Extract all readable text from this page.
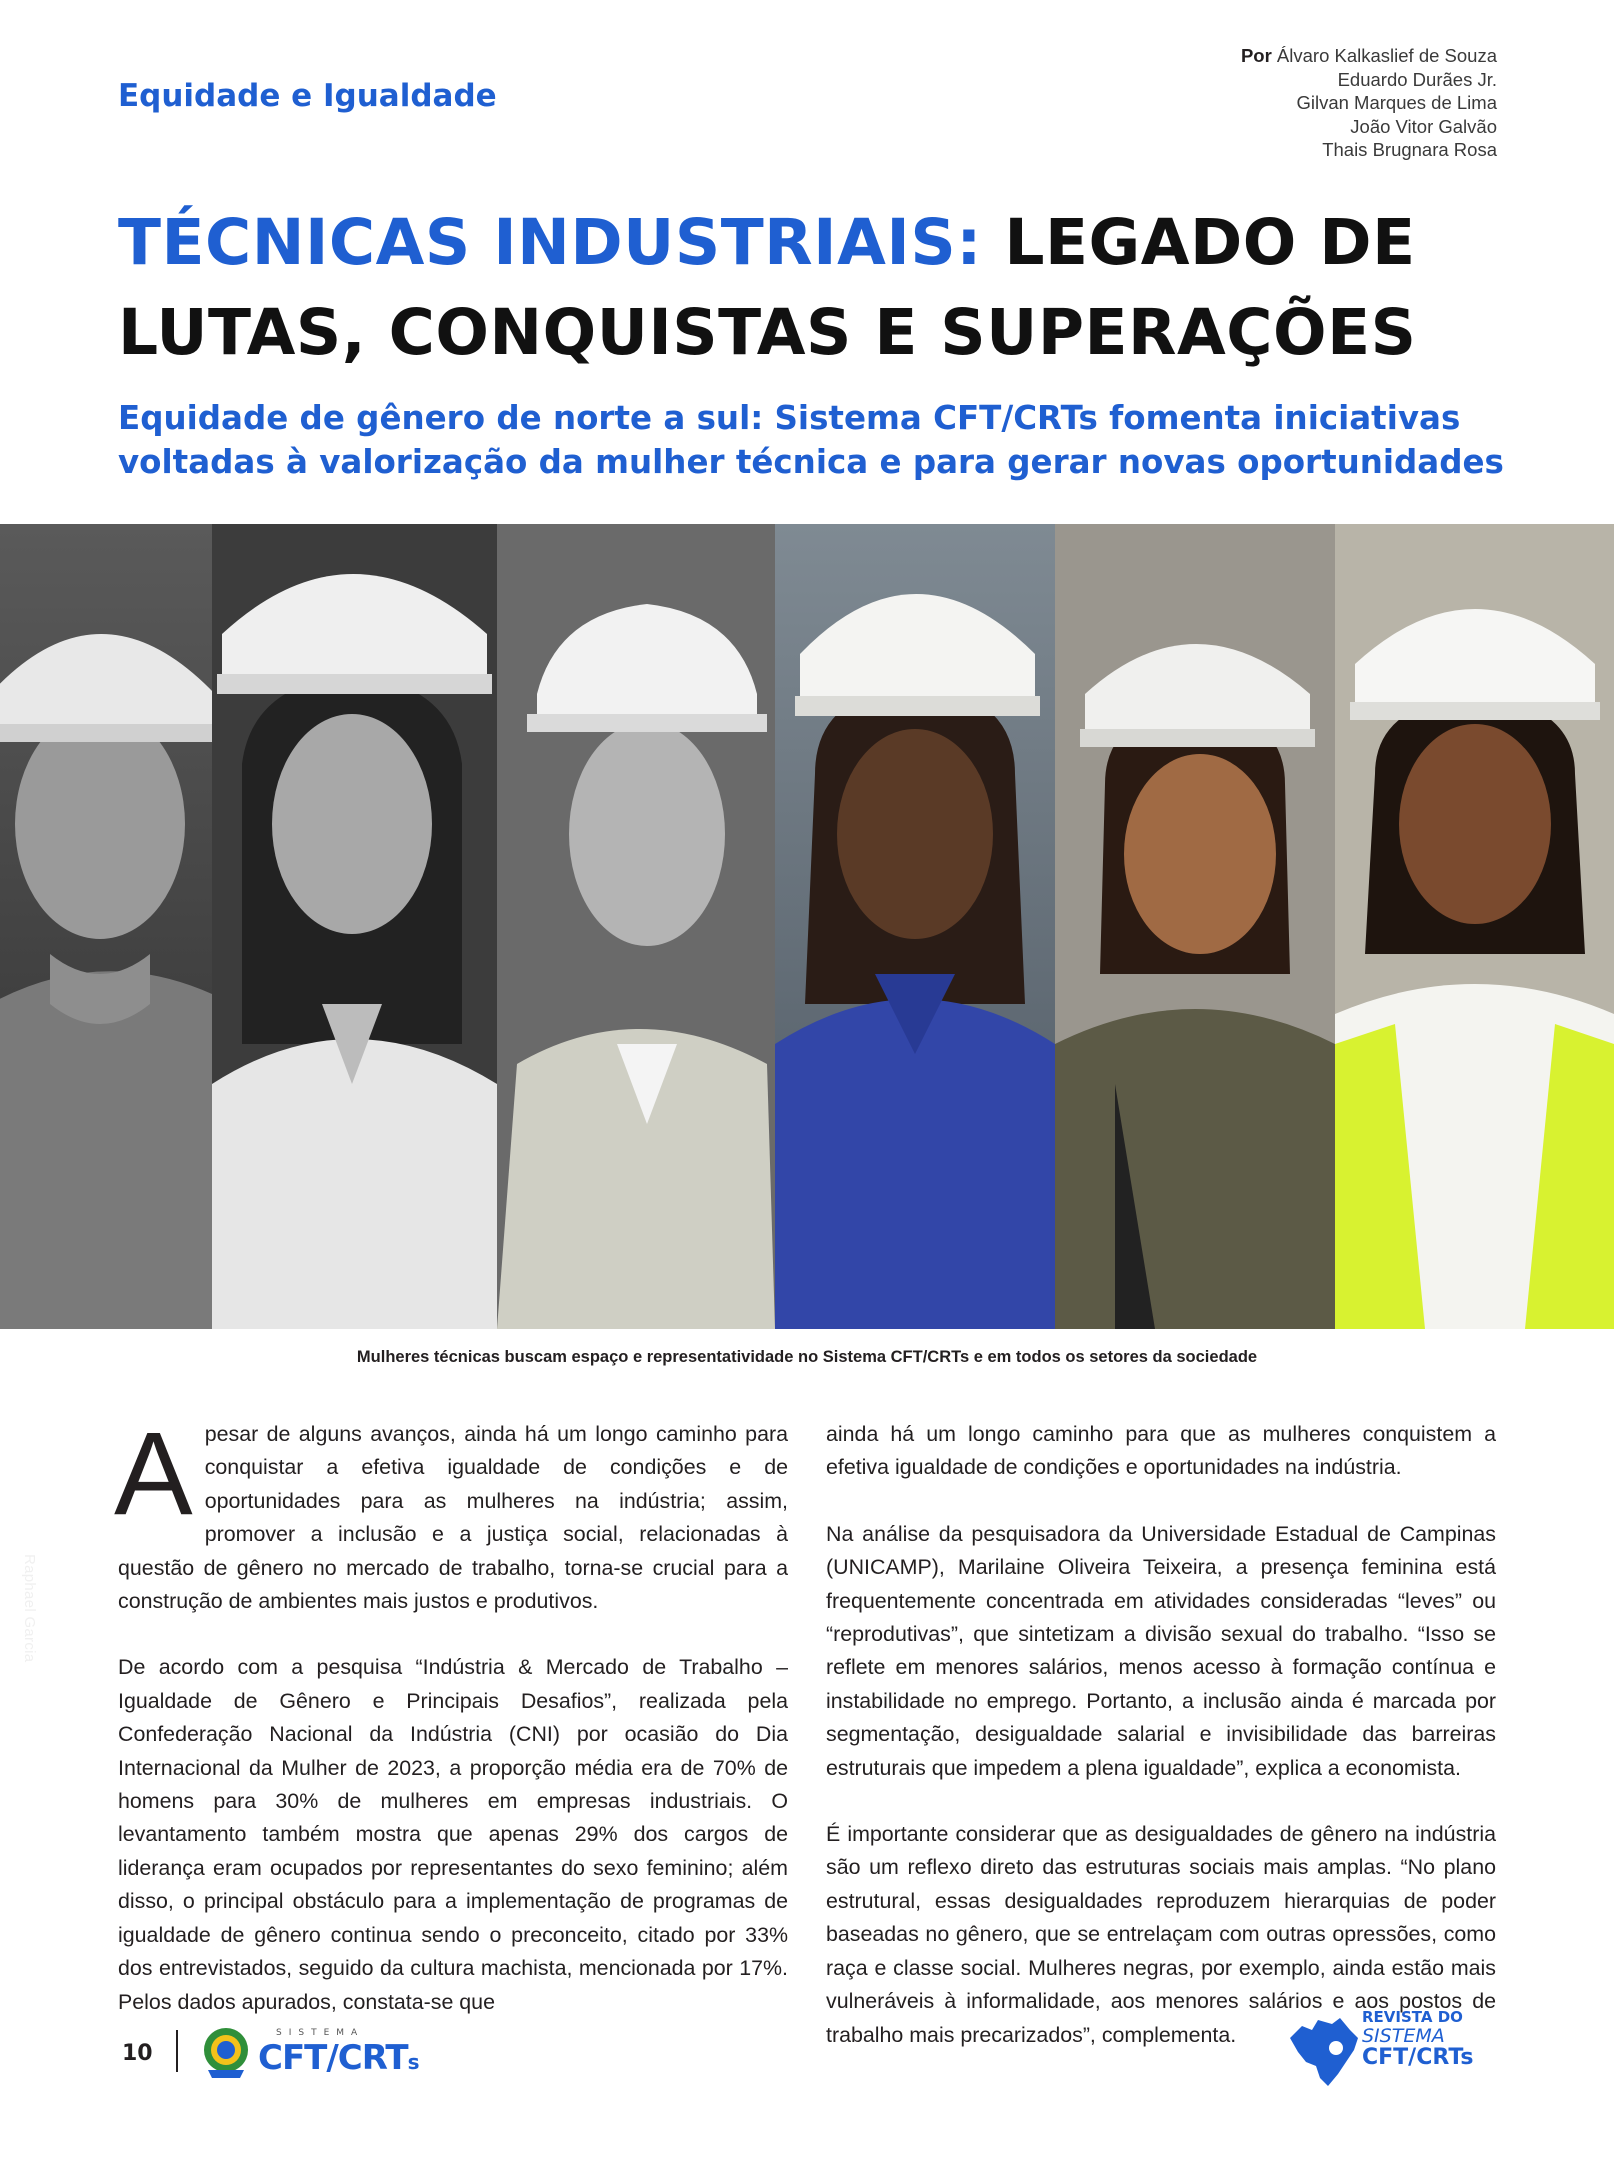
Equidade e Igualdade
Por Álvaro Kalkaslief de Souza
Eduardo Durães Jr.
Gilvan Marques de Lima
João Vitor Galvão
Thais Brugnara Rosa
TÉCNICAS INDUSTRIAIS: LEGADO DE LUTAS, CONQUISTAS E SUPERAÇÕES
Equidade de gênero de norte a sul: Sistema CFT/CRTs fomenta iniciativas voltadas à valorização da mulher técnica e para gerar novas oportunidades
Raphael Garcia
Mulheres técnicas buscam espaço e representatividade no Sistema CFT/CRTs e em todos os setores da sociedade

Apesar de alguns avanços, ainda há um longo caminho para conquistar a efetiva igualdade de condições e de oportunidades para as mulheres na indústria; assim, promover a inclusão e a justiça social, relacionadas à questão de gênero no mercado de trabalho, torna-se crucial para a construção de ambientes mais justos e produtivos.

De acordo com a pesquisa “Indústria & Mercado de Trabalho – Igualdade de Gênero e Principais Desafios”, realizada pela Confederação Nacional da Indústria (CNI) por ocasião do Dia Internacional da Mulher de 2023, a proporção média era de 70% de homens para 30% de mulheres em empresas industriais. O levantamento também mostra que apenas 29% dos cargos de liderança eram ocupados por representantes do sexo feminino; além disso, o principal obstáculo para a implementação de programas de igualdade de gênero continua sendo o preconceito, citado por 33% dos entrevistados, seguido da cultura machista, mencionada por 17%. Pelos dados apurados, constata-se que

ainda há um longo caminho para que as mulheres conquistem a efetiva igualdade de condições e oportunidades na indústria.

Na análise da pesquisadora da Universidade Estadual de Campinas (UNICAMP), Marilaine Oliveira Teixeira, a presença feminina está frequentemente concentrada em atividades consideradas “leves” ou “reprodutivas”, que sintetizam a divisão sexual do trabalho. “Isso se reflete em menores salários, menos acesso à formação contínua e instabilidade no emprego. Portanto, a inclusão ainda é marcada por segmentação, desigualdade salarial e invisibilidade das barreiras estruturais que impedem a plena igualdade”, explica a economista.

É importante considerar que as desigualdades de gênero na indústria são um reflexo direto das estruturas sociais mais amplas. “No plano estrutural, essas desigualdades reproduzem hierarquias de poder baseadas no gênero, que se entrelaçam com outras opressões, como raça e classe social. Mulheres negras, por exemplo, ainda estão mais vulneráveis à informalidade, aos menores salários e aos postos de trabalho mais precarizados”, complementa.

10
SISTEMA
CFT/CRTs
REVISTA DO
SISTEMA
CFT/CRTs
